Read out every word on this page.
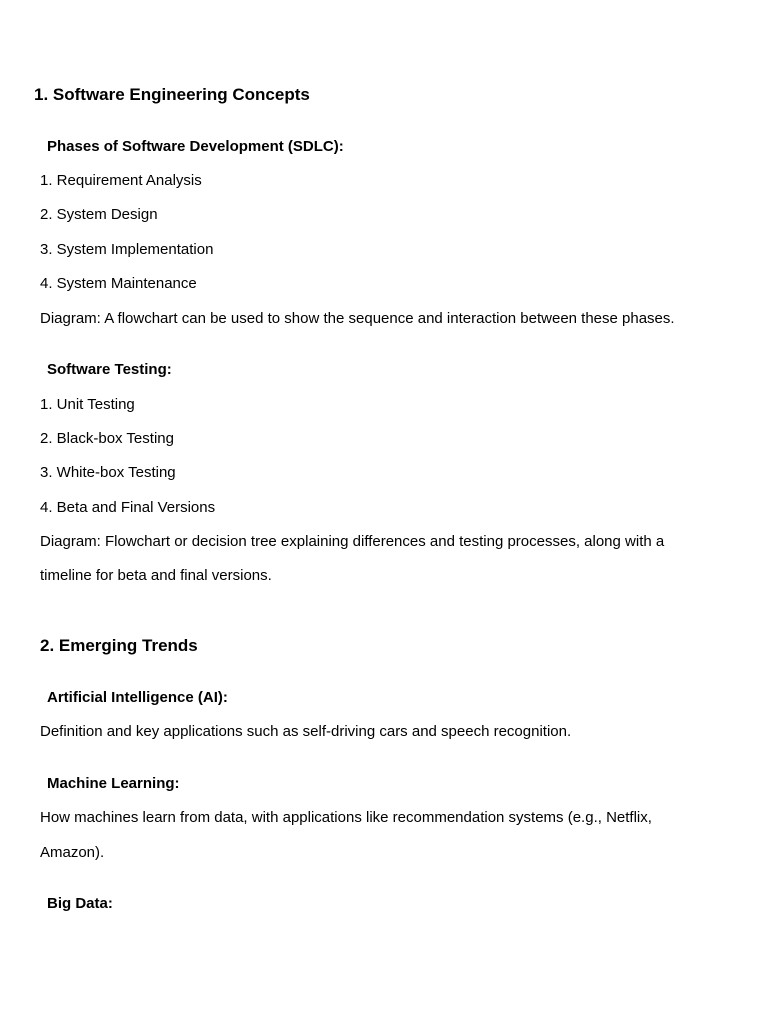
1. Software Engineering Concepts
Phases of Software Development (SDLC):

1. Requirement Analysis

2. System Design

3. System Implementation

4. System Maintenance

Diagram: A flowchart can be used to show the sequence and interaction between these phases.

Software Testing:

1. Unit Testing

2. Black-box Testing

3. White-box Testing

4. Beta and Final Versions

Diagram: Flowchart or decision tree explaining differences and testing processes, along with a

timeline for beta and final versions.

2. Emerging Trends
Artificial Intelligence (AI):

Definition and key applications such as self-driving cars and speech recognition.

Machine Learning:

How machines learn from data, with applications like recommendation systems (e.g., Netflix,

Amazon).

Big Data:
